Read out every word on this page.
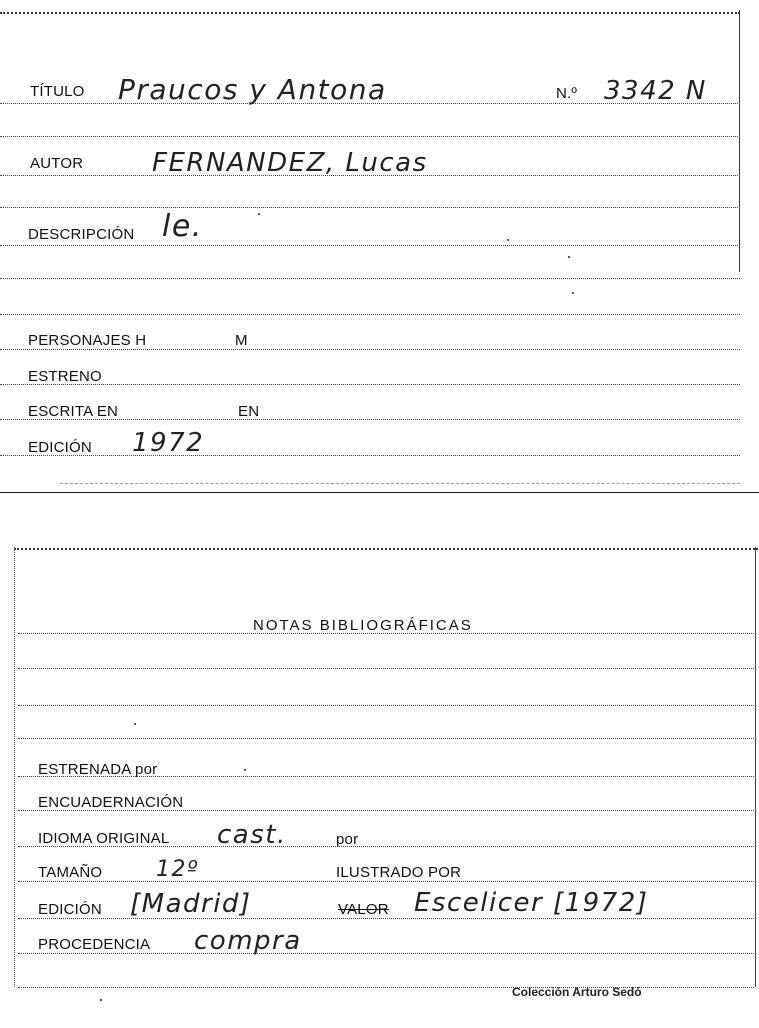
TÍTULO Praucos y Antona	N.º 3342 N
AUTOR	FERNANDEZ, Lucas
DESCRIPCIÓN le.
PERSONAJES H	M
ESTRENO
ESCRITA EN	EN
EDICIÓN 1972
NOTAS BIBLIOGRÁFICAS
ESTRENADA por
ENCUADERNACIÓN
IDIOMA ORIGINAL cast.	por
TAMAÑO 12º	ILUSTRADO POR
EDICIÓN [Madrid]	VALOR Escelicer [1972]
PROCEDENCIA compra
Colección Arturo Sedó
